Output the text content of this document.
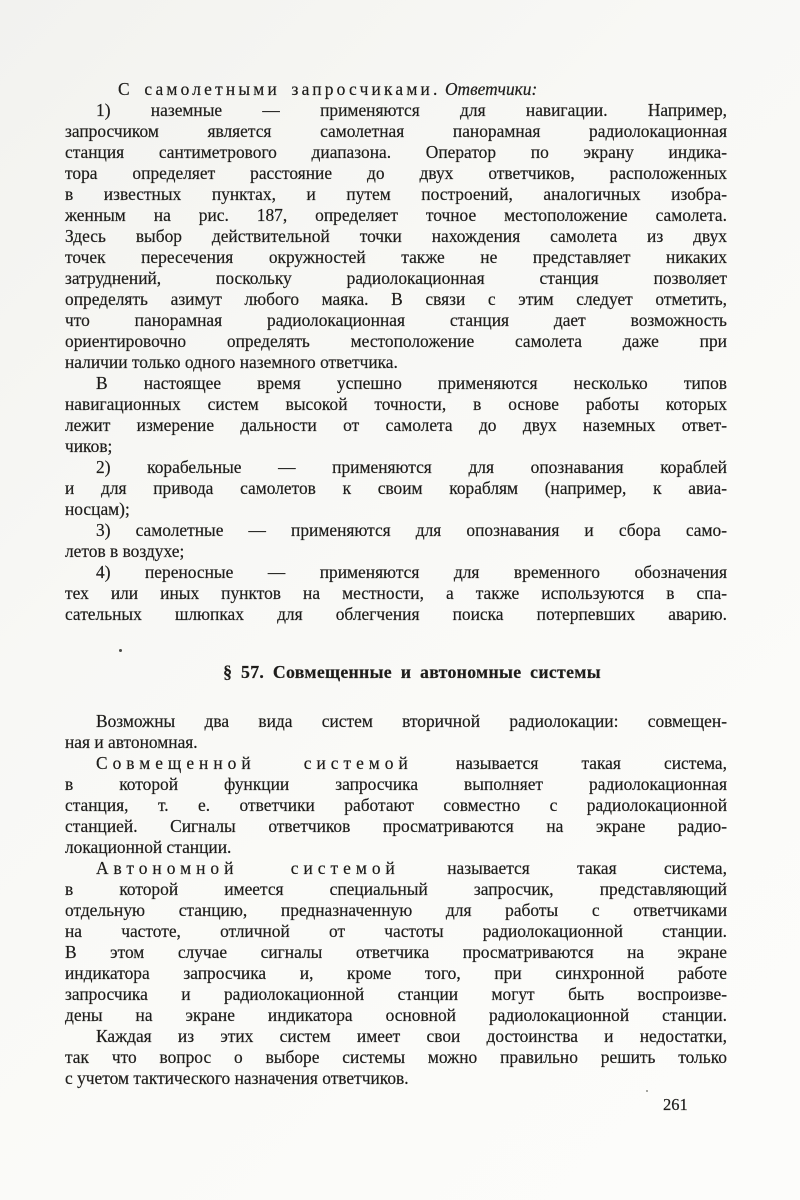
С самолетными запросчиками. Ответчики:
1) наземные — применяются для навигации. Например,
запросчиком является самолетная панорамная радиолокационная
станция сантиметрового диапазона. Оператор по экрану индика-
тора определяет расстояние до двух ответчиков, расположенных
в известных пунктах, и путем построений, аналогичных изобра-
женным на рис. 187, определяет точное местоположение самолета.
Здесь выбор действительной точки нахождения самолета из двух
точек пересечения окружностей также не представляет никаких
затруднений, поскольку радиолокационная станция позволяет
определять азимут любого маяка. В связи с этим следует отметить,
что панорамная радиолокационная станция дает возможность
ориентировочно определять местоположение самолета даже при
наличии только одного наземного ответчика.
В настоящее время успешно применяются несколько типов
навигационных систем высокой точности, в основе работы которых
лежит измерение дальности от самолета до двух наземных ответ-
чиков;
2) корабельные — применяются для опознавания кораблей
и для привода самолетов к своим кораблям (например, к авиа-
носцам);
3) самолетные — применяются для опознавания и сбора само-
летов в воздухе;
4) переносные — применяются для временного обозначения
тех или иных пунктов на местности, а также используются в спа-
сательных шлюпках для облегчения поиска потерпевших аварию.
§ 57. Совмещенные и автономные системы
Возможны два вида систем вторичной радиолокации: совмещен-
ная и автономная.
Совмещенной системой называется такая система,
в которой функции запросчика выполняет радиолокационная
станция, т. е. ответчики работают совместно с радиолокационной
станцией. Сигналы ответчиков просматриваются на экране радио-
локационной станции.
Автономной системой	называется такая система,
в которой имеется специальный запросчик, представляющий
отдельную станцию, предназначенную для работы с ответчиками
на частоте, отличной от частоты радиолокационной станции.
В этом случае сигналы ответчика просматриваются на экране
индикатора запросчика и, кроме того, при синхронной работе
запросчика и радиолокационной станции могут быть воспроизве-
дены на экране индикатора основной радиолокационной станции.
Каждая из этих систем имеет свои достоинства и недостатки,
так что вопрос о выборе системы можно правильно решить только
с учетом тактического назначения ответчиков.
261
